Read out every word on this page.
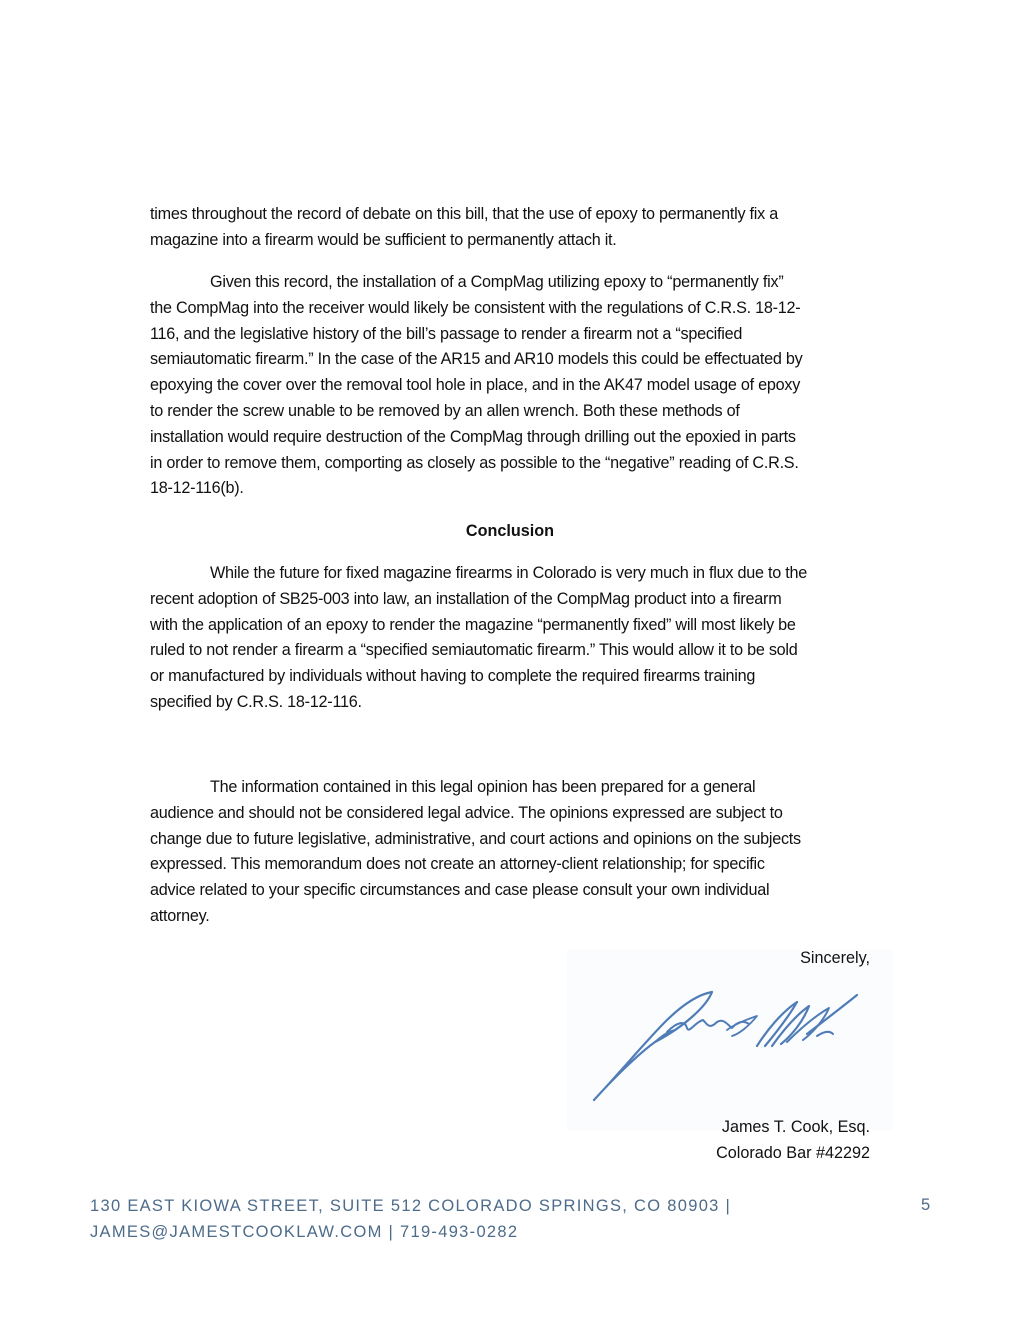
times throughout the record of debate on this bill, that the use of epoxy to permanently fix a
magazine into a firearm would be sufficient to permanently attach it.
Given this record, the installation of a CompMag utilizing epoxy to “permanently fix”
the CompMag into the receiver would likely be consistent with the regulations of C.R.S. 18-12-
116, and the legislative history of the bill’s passage to render a firearm not a “specified
semiautomatic firearm.” In the case of the AR15 and AR10 models this could be effectuated by
epoxying the cover over the removal tool hole in place, and in the AK47 model usage of epoxy
to render the screw unable to be removed by an allen wrench. Both these methods of
installation would require destruction of the CompMag through drilling out the epoxied in parts
in order to remove them, comporting as closely as possible to the “negative” reading of C.R.S.
18-12-116(b).
Conclusion
While the future for fixed magazine firearms in Colorado is very much in flux due to the
recent adoption of SB25-003 into law, an installation of the CompMag product into a firearm
with the application of an epoxy to render the magazine “permanently fixed” will most likely be
ruled to not render a firearm a “specified semiautomatic firearm.” This would allow it to be sold
or manufactured by individuals without having to complete the required firearms training
specified by C.R.S. 18-12-116.
The information contained in this legal opinion has been prepared for a general
audience and should not be considered legal advice. The opinions expressed are subject to
change due to future legislative, administrative, and court actions and opinions on the subjects
expressed. This memorandum does not create an attorney-client relationship; for specific
advice related to your specific circumstances and case please consult your own individual
attorney.
Sincerely,
James T. Cook, Esq.
Colorado Bar #42292
130 EAST KIOWA STREET, SUITE 512 COLORADO SPRINGS, CO 80903 |
JAMES@JAMESTCOOKLAW.COM | 719-493-0282
5
